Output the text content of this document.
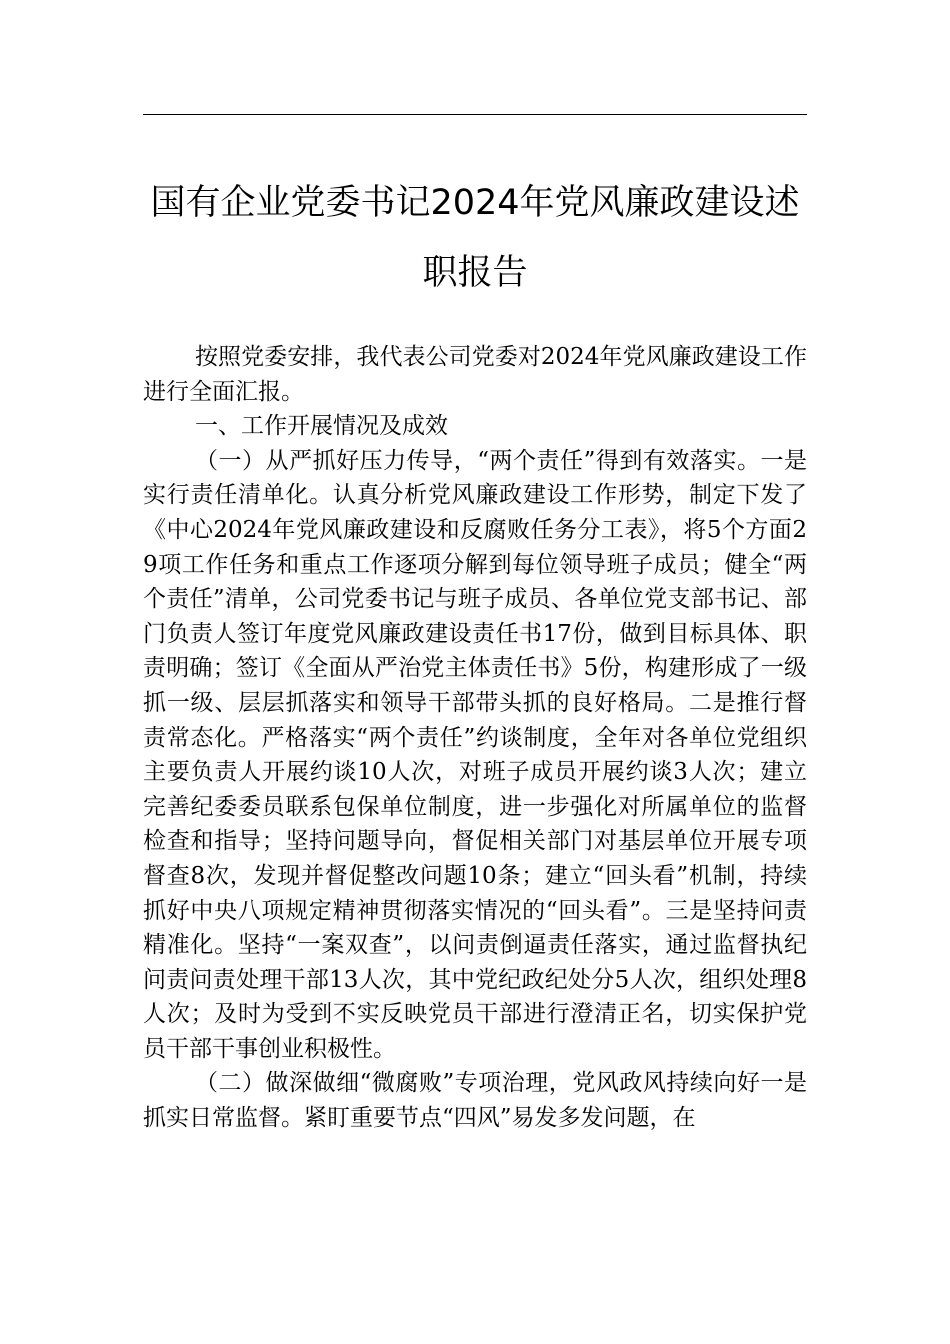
国有企业党委书记2024年党风廉政建设述职报告

按照党委安排，我代表公司党委对2024年党风廉政建设工作进行全面汇报。

一、工作开展情况及成效

（一）从严抓好压力传导，“两个责任”得到有效落实。一是实行责任清单化。认真分析党风廉政建设工作形势，制定下发了《中心2024年党风廉政建设和反腐败任务分工表》，将5个方面29项工作任务和重点工作逐项分解到每位领导班子成员；健全“两个责任”清单，公司党委书记与班子成员、各单位党支部书记、部门负责人签订年度党风廉政建设责任书17份，做到目标具体、职责明确；签订《全面从严治党主体责任书》5份，构建形成了一级抓一级、层层抓落实和领导干部带头抓的良好格局。二是推行督责常态化。严格落实“两个责任”约谈制度，全年对各单位党组织主要负责人开展约谈10人次，对班子成员开展约谈3人次；建立完善纪委委员联系包保单位制度，进一步强化对所属单位的监督检查和指导；坚持问题导向，督促相关部门对基层单位开展专项督查8次，发现并督促整改问题10条；建立“回头看”机制，持续抓好中央八项规定精神贯彻落实情况的“回头看”。三是坚持问责精准化。坚持“一案双查”，以问责倒逼责任落实，通过监督执纪问责问责处理干部13人次，其中党纪政纪处分5人次，组织处理8人次；及时为受到不实反映党员干部进行澄清正名，切实保护党员干部干事创业积极性。

（二）做深做细“微腐败”专项治理，党风政风持续向好一是抓实日常监督。紧盯重要节点“四风”易发多发问题，在
